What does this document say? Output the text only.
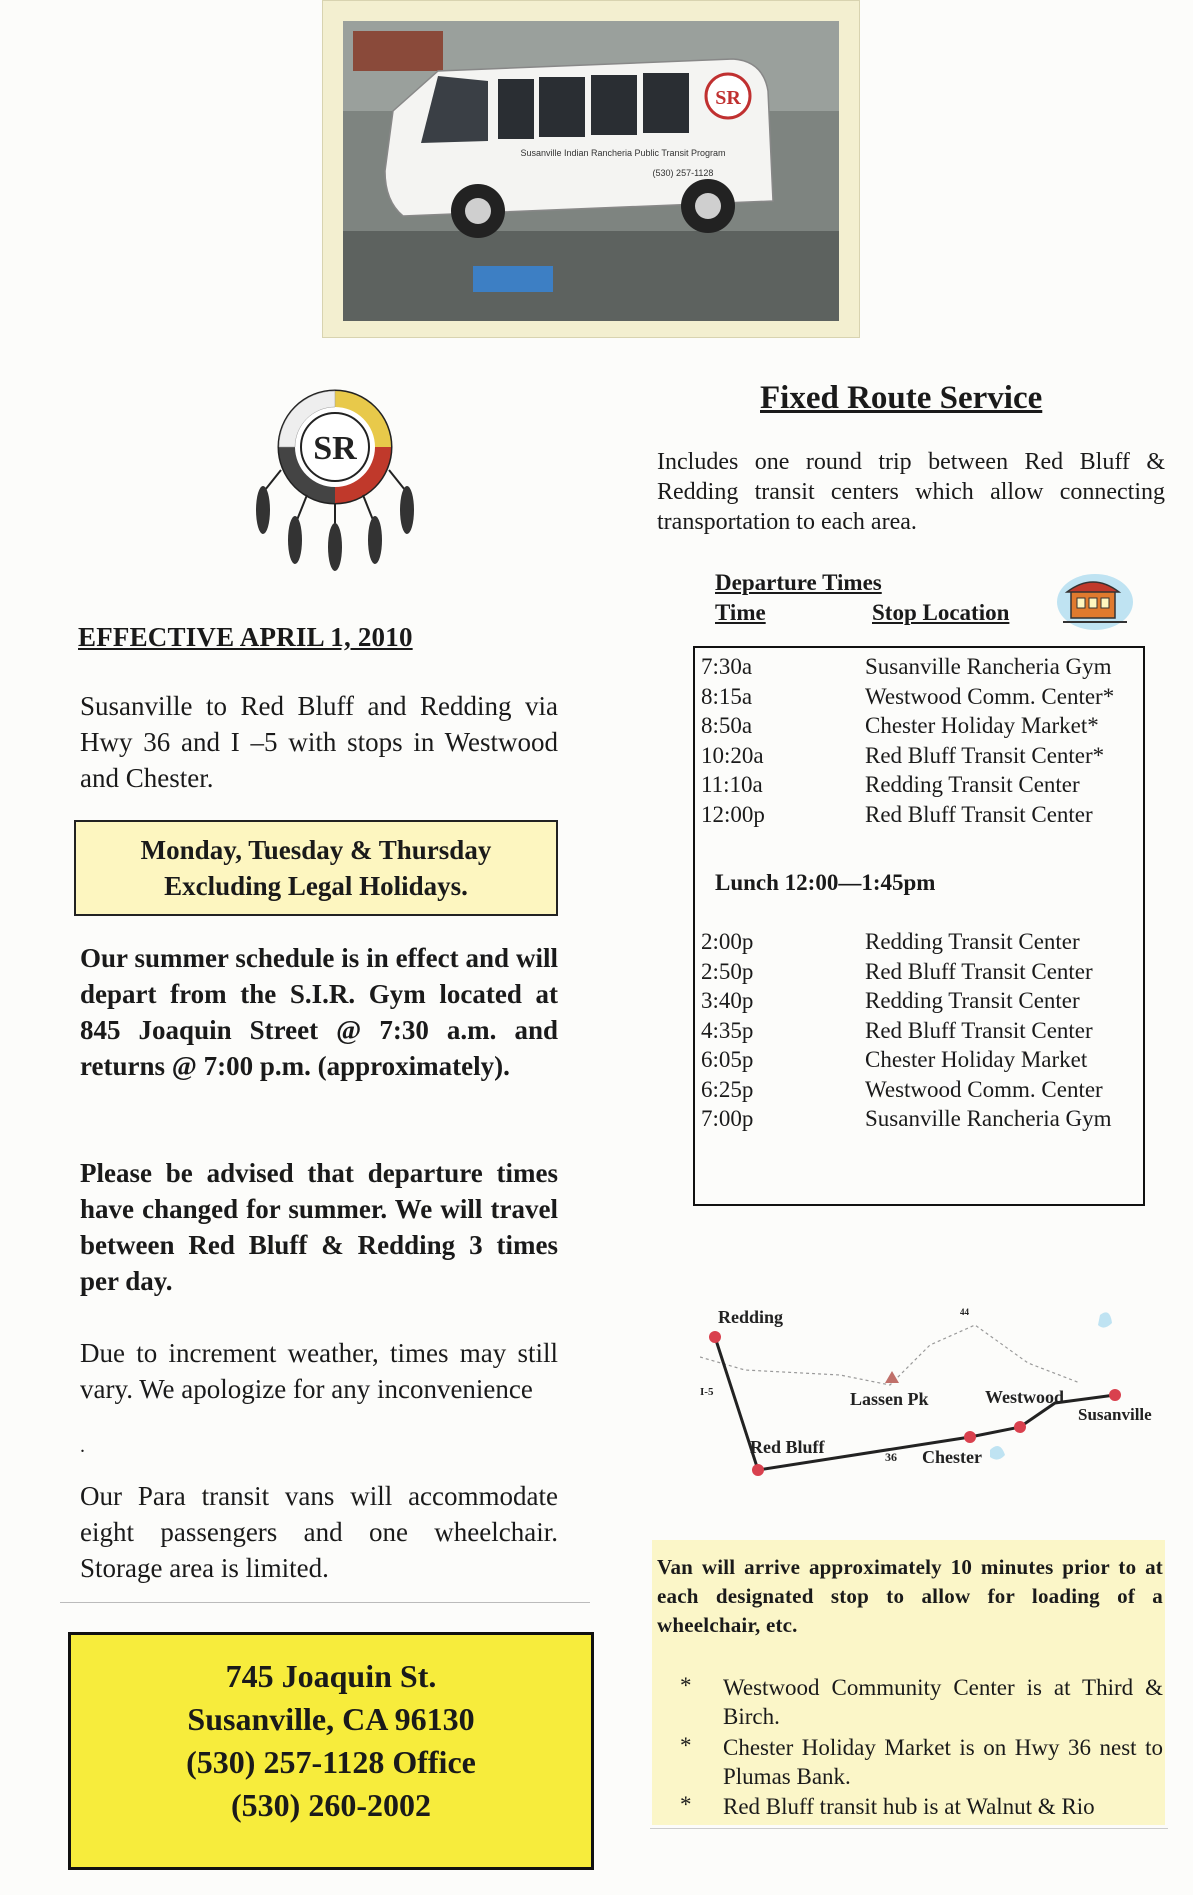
SR
Susanville Indian Rancheria Public Transit Program
(530) 257-1128
SR
EFFECTIVE APRIL 1, 2010
Susanville to Red Bluff and Redding via Hwy 36 and I –5 with stops in Westwood and Chester.
Monday, Tuesday & Thursday
Excluding Legal Holidays.
Our summer schedule is in effect and will depart from the S.I.R. Gym located at 845 Joaquin Street @ 7:30 a.m. and returns @ 7:00 p.m. (approximately).
Please be advised that departure times have changed for summer. We will travel between Red Bluff & Redding 3 times per day.
Due to increment weather, times may still vary. We apologize for any inconvenience
.
Our Para transit vans will accommodate eight passengers and one wheelchair. Storage area is limited.
745 Joaquin St.
Susanville, CA 96130
(530) 257-1128 Office
(530) 260-2002
Fixed Route Service
Includes one round trip between Red Bluff & Redding transit centers which allow connecting transportation to each area.
Departure Times
Time	Stop Location
7:30a	Susanville Rancheria Gym
8:15a	Westwood Comm. Center*
8:50a	Chester Holiday Market*
10:20a	Red Bluff Transit Center*
11:10a	Redding Transit Center
12:00p	Red Bluff Transit Center
Lunch 12:00—1:45pm
2:00p	Redding Transit Center
2:50p	Red Bluff Transit Center
3:40p	Redding Transit Center
4:35p	Red Bluff Transit Center
6:05p	Chester Holiday Market
6:25p	Westwood Comm. Center
7:00p	Susanville Rancheria Gym
Redding
I-5
44
Lassen Pk	Westwood
Susanville
Red Bluff	36 Chester
Van will arrive approximately 10 minutes prior to at each designated stop to allow for loading of a wheelchair, etc.
* Westwood Community Center is at Third & Birch.
* Chester Holiday Market is on Hwy 36 nest to Plumas Bank.
* Red Bluff transit hub is at Walnut & Rio
